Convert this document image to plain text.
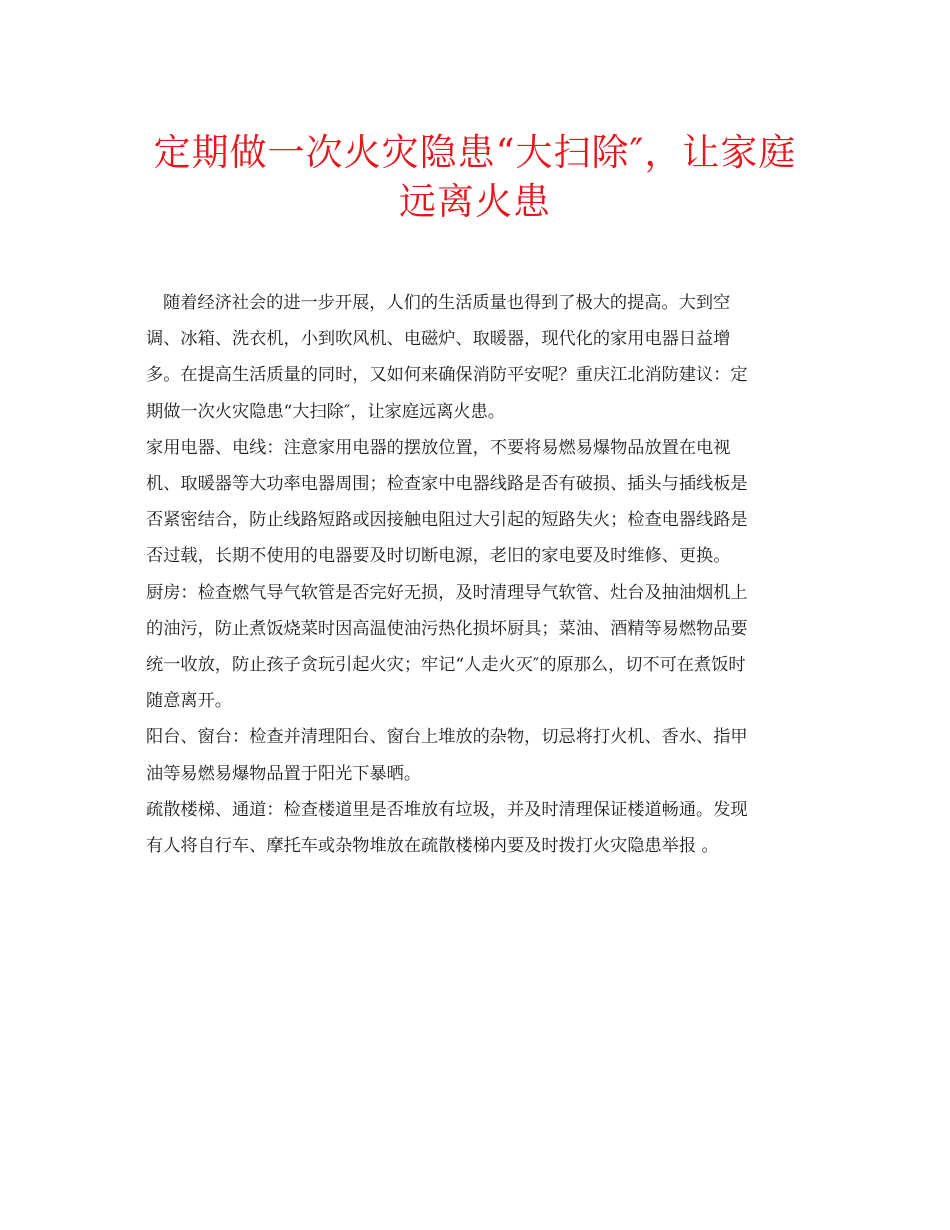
定期做一次火灾隐患“大扫除″，让家庭
远离火患

随着经济社会的进一步开展，人们的生活质量也得到了极大的提高。大到空
调、冰箱、洗衣机，小到吹风机、电磁炉、取暖器，现代化的家用电器日益增
多。在提高生活质量的同时，又如何来确保消防平安呢？重庆江北消防建议：定
期做一次火灾隐患“大扫除″，让家庭远离火患。

家用电器、电线：注意家用电器的摆放位置，不要将易燃易爆物品放置在电视
机、取暖器等大功率电器周围；检查家中电器线路是否有破损、插头与插线板是
否紧密结合，防止线路短路或因接触电阻过大引起的短路失火；检查电器线路是
否过载，长期不使用的电器要及时切断电源，老旧的家电要及时维修、更换。

厨房：检查燃气导气软管是否完好无损，及时清理导气软管、灶台及抽油烟机上
的油污，防止煮饭烧菜时因高温使油污热化损坏厨具；菜油、酒精等易燃物品要
统一收放，防止孩子贪玩引起火灾；牢记“人走火灭″的原那么，切不可在煮饭时
随意离开。

阳台、窗台：检查并清理阳台、窗台上堆放的杂物，切忌将打火机、香水、指甲
油等易燃易爆物品置于阳光下暴晒。

疏散楼梯、通道：检查楼道里是否堆放有垃圾，并及时清理保证楼道畅通。发现
有人将自行车、摩托车或杂物堆放在疏散楼梯内要及时拨打火灾隐患举报 。
